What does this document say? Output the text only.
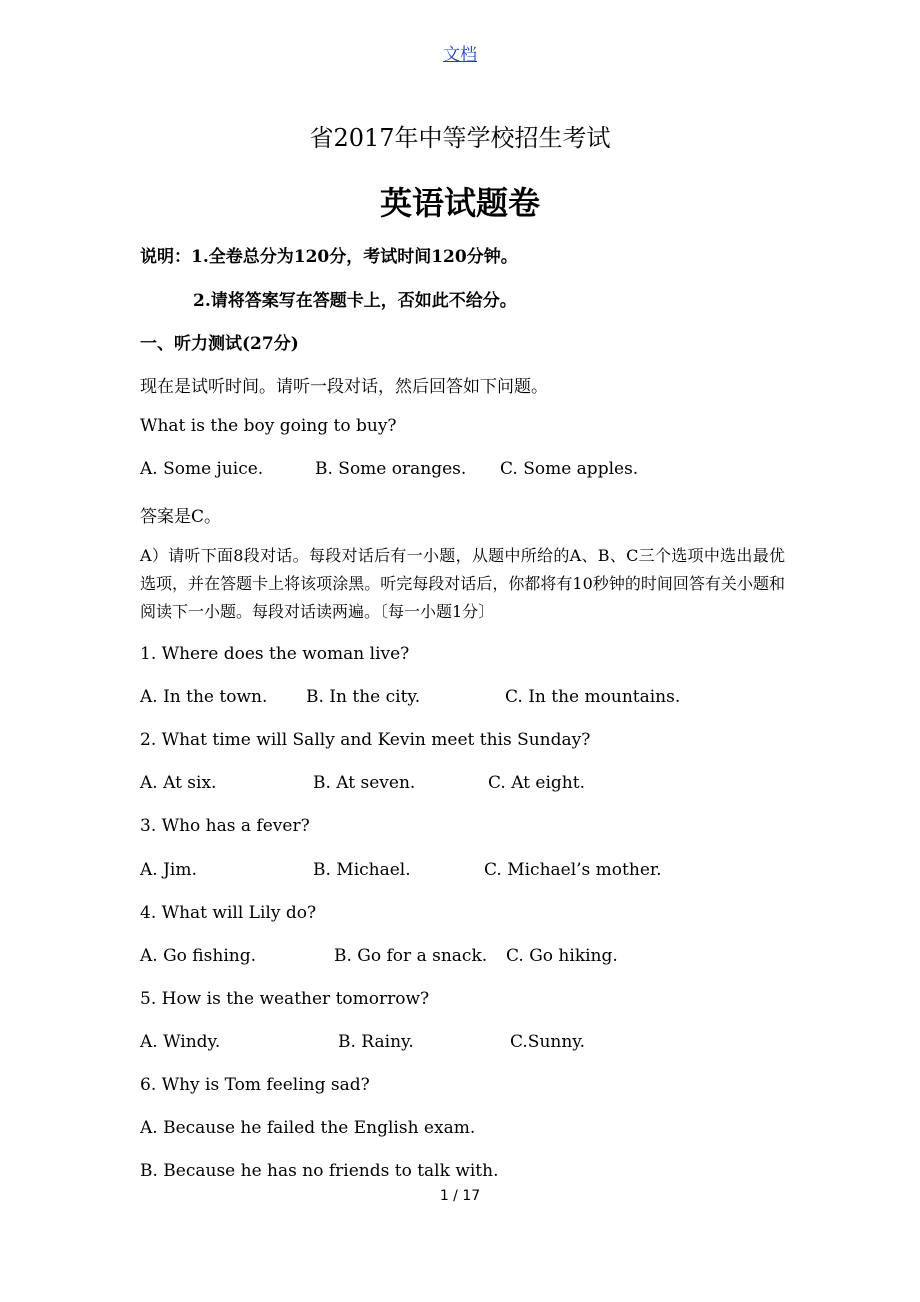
文档
省2017年中等学校招生考试
英语试题卷
说明：1.全卷总分为120分，考试时间120分钟。
2.请将答案写在答题卡上，否如此不给分。
一、听力测试(27分)
现在是试听时间。请听一段对话，然后回答如下问题。
What is the boy going to buy?
A. Some juice.	B. Some oranges. C. Some apples.
答案是C。
A）请听下面8段对话。每段对话后有一小题，从题中所给的A、B、C三个选项中选出最优选项，并在答题卡上将该项涂黑。听完每段对话后，你都将有10秒钟的时间回答有关小题和阅读下一小题。每段对话读两遍。〔每一小题1分〕
1. Where does the woman live?
A. In the town. B. In the city.	C. In the mountains.
2. What time will Sally and Kevin meet this Sunday?
A. At six.	B. At seven.	C. At eight.
3. Who has a fever?
A. Jim.	B. Michael.	C. Michael’s mother.
4. What will Lily do?
A. Go fishing.	B. Go for a snack. C. Go hiking.
5. How is the weather tomorrow?
A. Windy.	B. Rainy.	C.Sunny.
6. Why is Tom feeling sad?
A. Because he failed the English exam.
B. Because he has no friends to talk with.
1 / 17
